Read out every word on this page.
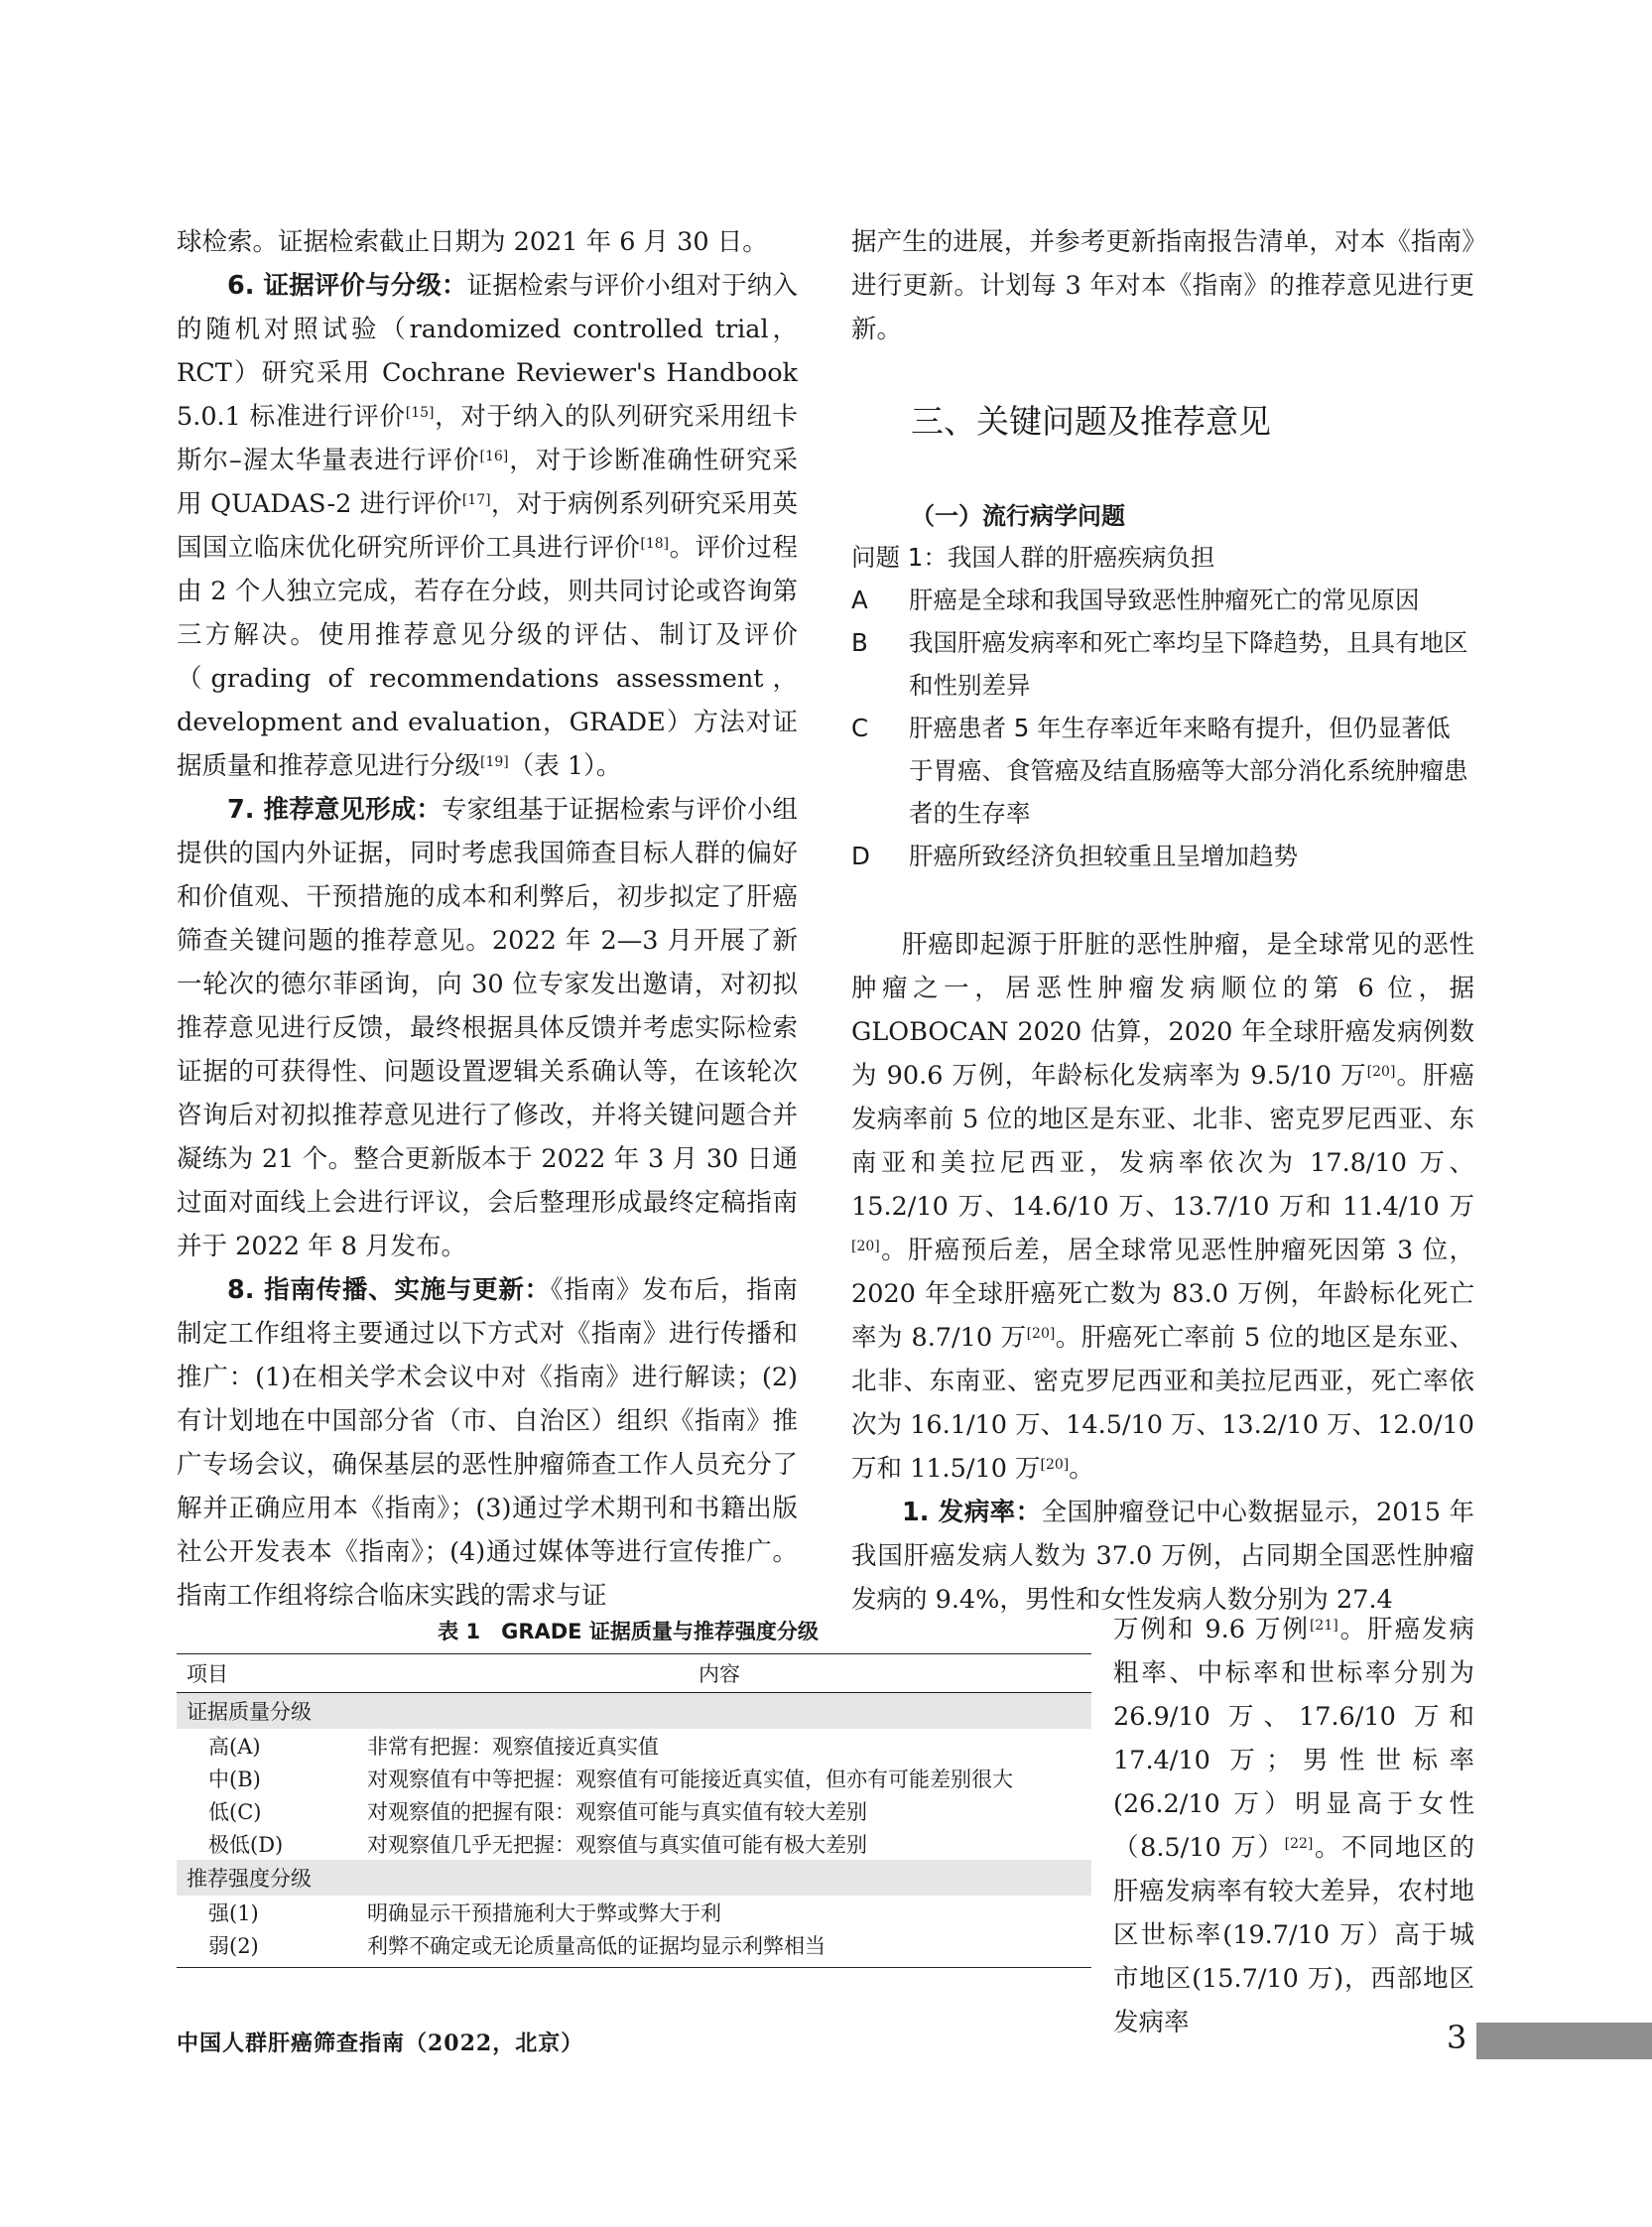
球检索。证据检索截止日期为 2021 年 6 月 30 日。

6. 证据评价与分级：证据检索与评价小组对于纳入的随机对照试验（randomized controlled trial，RCT）研究采用 Cochrane Reviewer's Handbook 5.0.1 标准进行评价[15]，对于纳入的队列研究采用纽卡斯尔–渥太华量表进行评价[16]，对于诊断准确性研究采用 QUADAS-2 进行评价[17]，对于病例系列研究采用英国国立临床优化研究所评价工具进行评价[18]。评价过程由 2 个人独立完成，若存在分歧，则共同讨论或咨询第三方解决。使用推荐意见分级的评估、制订及评价（grading of recommendations assessment，development and evaluation，GRADE）方法对证据质量和推荐意见进行分级[19]（表 1）。

7. 推荐意见形成：专家组基于证据检索与评价小组提供的国内外证据，同时考虑我国筛查目标人群的偏好和价值观、干预措施的成本和利弊后，初步拟定了肝癌筛查关键问题的推荐意见。2022 年 2—3 月开展了新一轮次的德尔菲函询，向 30 位专家发出邀请，对初拟推荐意见进行反馈，最终根据具体反馈并考虑实际检索证据的可获得性、问题设置逻辑关系确认等，在该轮次咨询后对初拟推荐意见进行了修改，并将关键问题合并凝练为 21 个。整合更新版本于 2022 年 3 月 30 日通过面对面线上会进行评议，会后整理形成最终定稿指南并于 2022 年 8 月发布。

8. 指南传播、实施与更新：《指南》发布后，指南制定工作组将主要通过以下方式对《指南》进行传播和推广：(1)在相关学术会议中对《指南》进行解读；(2)有计划地在中国部分省（市、自治区）组织《指南》推广专场会议，确保基层的恶性肿瘤筛查工作人员充分了解并正确应用本《指南》；(3)通过学术期刊和书籍出版社公开发表本《指南》；(4)通过媒体等进行宣传推广。指南工作组将综合临床实践的需求与证

据产生的进展，并参考更新指南报告清单，对本《指南》进行更新。计划每 3 年对本《指南》的推荐意见进行更新。

三、关键问题及推荐意见
（一）流行病学问题
问题 1：我国人群的肝癌疾病负担
A 肝癌是全球和我国导致恶性肿瘤死亡的常见原因
B 我国肝癌发病率和死亡率均呈下降趋势，且具有地区和性别差异
C 肝癌患者 5 年生存率近年来略有提升，但仍显著低于胃癌、食管癌及结直肠癌等大部分消化系统肿瘤患者的生存率
D 肝癌所致经济负担较重且呈增加趋势

肝癌即起源于肝脏的恶性肿瘤，是全球常见的恶性肿瘤之一，居恶性肿瘤发病顺位的第 6 位，据 GLOBOCAN 2020 估算，2020 年全球肝癌发病例数为 90.6 万例，年龄标化发病率为 9.5/10 万[20]。肝癌发病率前 5 位的地区是东亚、北非、密克罗尼西亚、东南亚和美拉尼西亚，发病率依次为 17.8/10 万、15.2/10 万、14.6/10 万、13.7/10 万和 11.4/10 万[20]。肝癌预后差，居全球常见恶性肿瘤死因第 3 位，2020 年全球肝癌死亡数为 83.0 万例，年龄标化死亡率为 8.7/10 万[20]。肝癌死亡率前 5 位的地区是东亚、北非、东南亚、密克罗尼西亚和美拉尼西亚，死亡率依次为 16.1/10 万、14.5/10 万、13.2/10 万、12.0/10 万和 11.5/10 万[20]。

1. 发病率：全国肿瘤登记中心数据显示，2015 年我国肝癌发病人数为 37.0 万例，占同期全国恶性肿瘤发病的 9.4%，男性和女性发病人数分别为 27.4

万例和 9.6 万例[21]。肝癌发病粗率、中标率和世标率分别为 26.9/10 万、17.6/10 万和 17.4/10 万；男性世标率(26.2/10 万）明显高于女性（8.5/10 万）[22]。不同地区的肝癌发病率有较大差异，农村地区世标率(19.7/10 万）高于城市地区(15.7/10 万)，西部地区发病率
表 1　GRADE 证据质量与推荐强度分级
项目	内容
证据质量分级	
高(A)	非常有把握：观察值接近真实值
中(B)	对观察值有中等把握：观察值有可能接近真实值，但亦有可能差别很大
低(C)	对观察值的把握有限：观察值可能与真实值有较大差别
极低(D)	对观察值几乎无把握：观察值与真实值可能有极大差别
推荐强度分级	
强(1)	明确显示干预措施利大于弊或弊大于利
弱(2)	利弊不确定或无论质量高低的证据均显示利弊相当
中国人群肝癌筛查指南（2022，北京）	3
